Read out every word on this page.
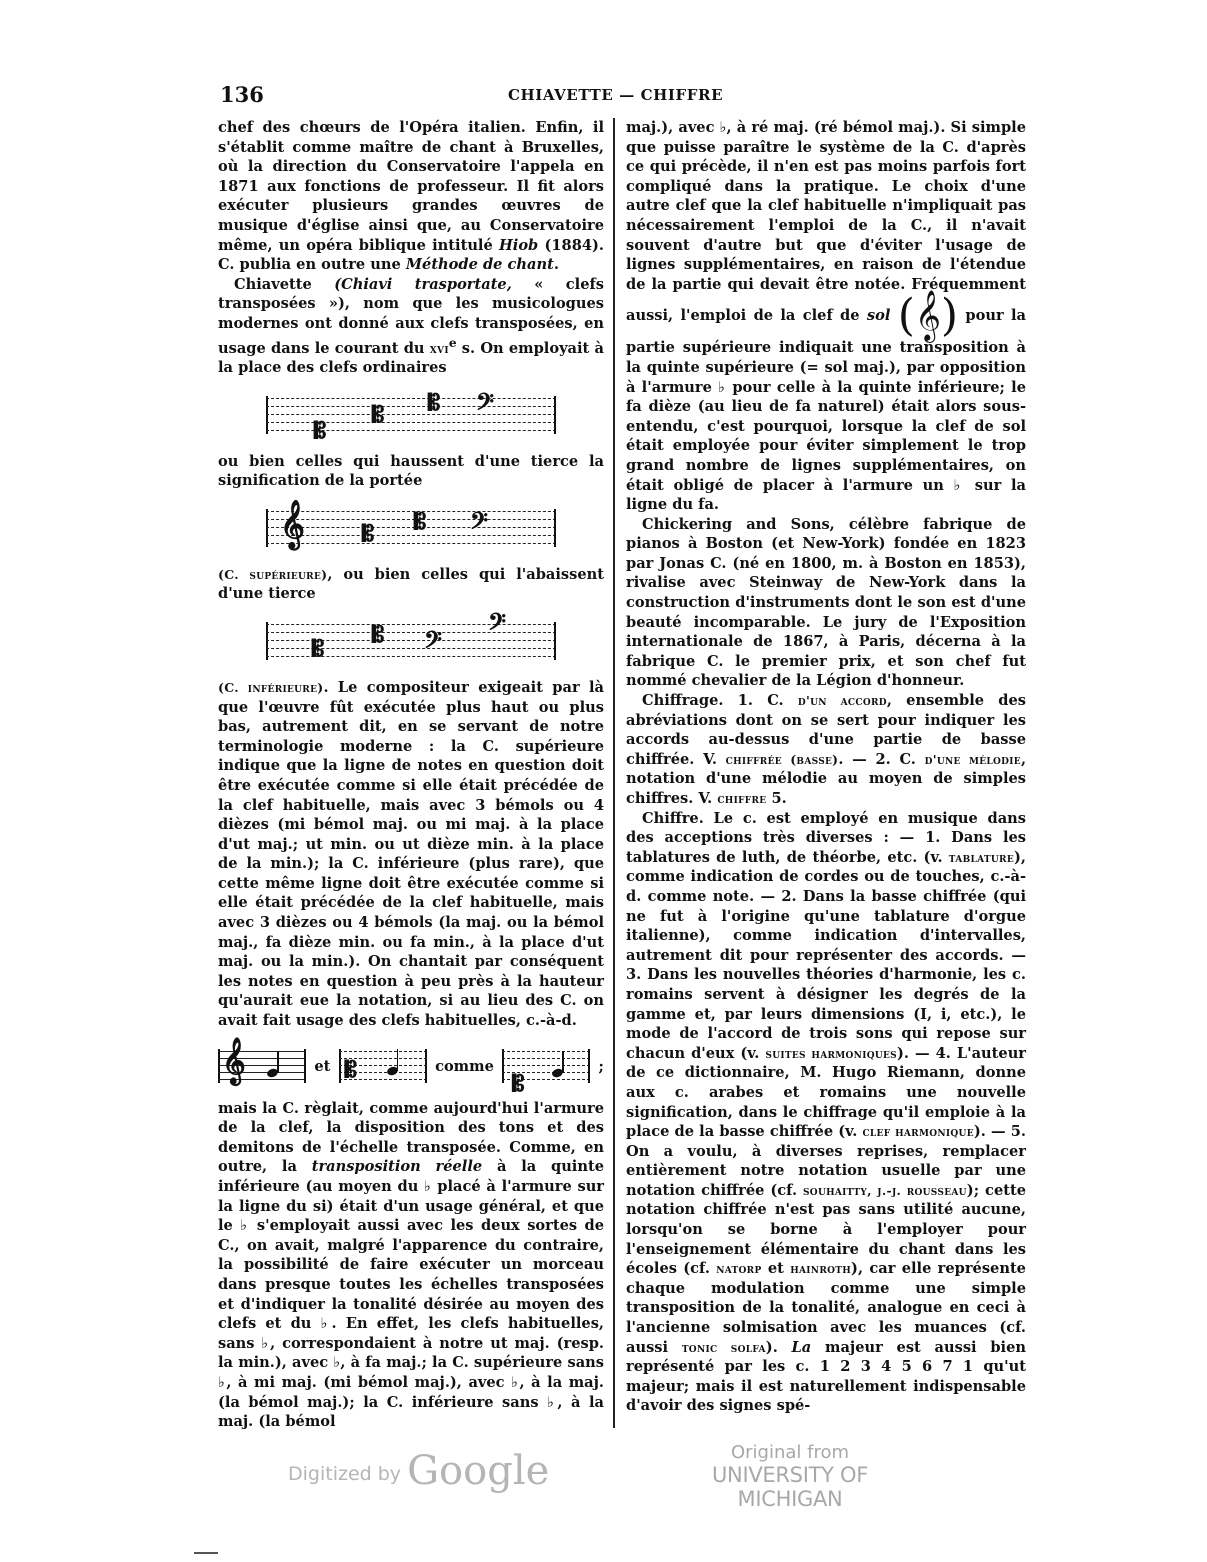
136	CHIAVETTE — CHIFFRE

chef des chœurs de l'Opéra italien. Enfin, il s'établit comme maître de chant à Bruxelles, où la direction du Conservatoire l'appela en 1871 aux fonctions de professeur. Il fit alors exécuter plusieurs grandes œuvres de musique d'église ainsi que, au Conservatoire même, un opéra biblique intitulé Hiob (1884). C. publia en outre une Méthode de chant.

Chiavette (Chiavi trasportate, « clefs transposées »), nom que les musicologues modernes ont donné aux clefs transposées, en usage dans le courant du xvi$^e$ s. On employait à la place des clefs ordinaires

𝄡
𝄡 𝄡 𝄢

ou bien celles qui haussent d'une tierce la signification de la portée

𝄞	𝄡 𝄡 𝄢

(C. supérieure), ou bien celles qui l'abaissent d'une tierce

𝄡
𝄡 𝄢
𝄢

(C. inférieure). Le compositeur exigeait par là que l'œuvre fût exécutée plus haut ou plus bas, autrement dit, en se servant de notre terminologie moderne : la C. supérieure indique que la ligne de notes en question doit être exécutée comme si elle était précédée de la clef habituelle, mais avec 3 bémols ou 4 dièzes (mi bémol maj. ou mi maj. à la place d'ut maj.; ut min. ou ut dièze min. à la place de la min.); la C. inférieure (plus rare), que cette même ligne doit être exécutée comme si elle était précédée de la clef habituelle, mais avec 3 dièzes ou 4 bémols (la maj. ou la bémol maj., fa dièze min. ou fa min., à la place d'ut maj. ou la min.). On chantait par conséquent les notes en question à peu près à la hauteur qu'aurait eue la notation, si au lieu des C. on avait fait usage des clefs habituelles, c.-à-d.

𝄞	et 𝄡	comme
𝄡
;

mais la C. règlait, comme aujourd'hui l'armure de la clef, la disposition des tons et des demitons de l'échelle transposée. Comme, en outre, la transposition réelle à la quinte inférieure (au moyen du ♭ placé à l'armure sur la ligne du si) était d'un usage général, et que le ♭ s'employait aussi avec les deux sortes de C., on avait, malgré l'apparence du contraire, la possibilité de faire exécuter un morceau dans presque toutes les échelles transposées et d'indiquer la tonalité désirée au moyen des clefs et du ♭. En effet, les clefs habituelles, sans ♭, correspondaient à notre ut maj. (resp. la min.), avec ♭, à fa maj.; la C. supérieure sans ♭, à mi maj. (mi bémol maj.), avec ♭, à la maj. (la bémol maj.); la C. inférieure sans ♭, à la maj. (la bémol

maj.), avec ♭, à ré maj. (ré bémol maj.). Si simple que puisse paraître le système de la C. d'après ce qui précède, il n'en est pas moins parfois fort compliqué dans la pratique. Le choix d'une autre clef que la clef habituelle n'impliquait pas nécessairement l'emploi de la C., il n'avait souvent d'autre but que d'éviter l'usage de lignes supplémentaires, en raison de l'étendue de la partie qui devait être notée. Fréquemment aussi, l'emploi de la clef de sol (𝄞) pour la partie supérieure indiquait une transposition à la quinte supérieure (= sol maj.), par opposition à l'armure ♭ pour celle à la quinte inférieure; le fa dièze (au lieu de fa naturel) était alors sous-entendu, c'est pourquoi, lorsque la clef de sol était employée pour éviter simplement le trop grand nombre de lignes supplémentaires, on était obligé de placer à l'armure un ♭ sur la ligne du fa.

Chickering and Sons, célèbre fabrique de pianos à Boston (et New-York) fondée en 1823 par Jonas C. (né en 1800, m. à Boston en 1853), rivalise avec Steinway de New-York dans la construction d'instruments dont le son est d'une beauté incomparable. Le jury de l'Exposition internationale de 1867, à Paris, décerna à la fabrique C. le premier prix, et son chef fut nommé chevalier de la Légion d'honneur.

Chiffrage. 1. C. d'un accord, ensemble des abréviations dont on se sert pour indiquer les accords au-dessus d'une partie de basse chiffrée. V. chiffrée (basse). — 2. C. d'une mélodie, notation d'une mélodie au moyen de simples chiffres. V. chiffre 5.

Chiffre. Le c. est employé en musique dans des acceptions très diverses : — 1. Dans les tablatures de luth, de théorbe, etc. (v. tablature), comme indication de cordes ou de touches, c.-à-d. comme note. — 2. Dans la basse chiffrée (qui ne fut à l'origine qu'une tablature d'orgue italienne), comme indication d'intervalles, autrement dit pour représenter des accords. — 3. Dans les nouvelles théories d'harmonie, les c. romains servent à désigner les degrés de la gamme et, par leurs dimensions (I, i, etc.), le mode de l'accord de trois sons qui repose sur chacun d'eux (v. suites harmoniques). — 4. L'auteur de ce dictionnaire, M. Hugo Riemann, donne aux c. arabes et romains une nouvelle signification, dans le chiffrage qu'il emploie à la place de la basse chiffrée (v. clef harmonique). — 5. On a voulu, à diverses reprises, remplacer entièrement notre notation usuelle par une notation chiffrée (cf. souhaitty, j.-j. rousseau); cette notation chiffrée n'est pas sans utilité aucune, lorsqu'on se borne à l'employer pour l'enseignement élémentaire du chant dans les écoles (cf. natorp et hainroth), car elle représente chaque modulation comme une simple transposition de la tonalité, analogue en ceci à l'ancienne solmisation avec les muances (cf. aussi tonic solfa). La majeur est aussi bien représenté par les c. 1 2 3 4 5 6 7 1 qu'ut majeur; mais il est naturellement indispensable d'avoir des signes spé-

Digitized by Google	Original from
UNIVERSITY OF MICHIGAN
